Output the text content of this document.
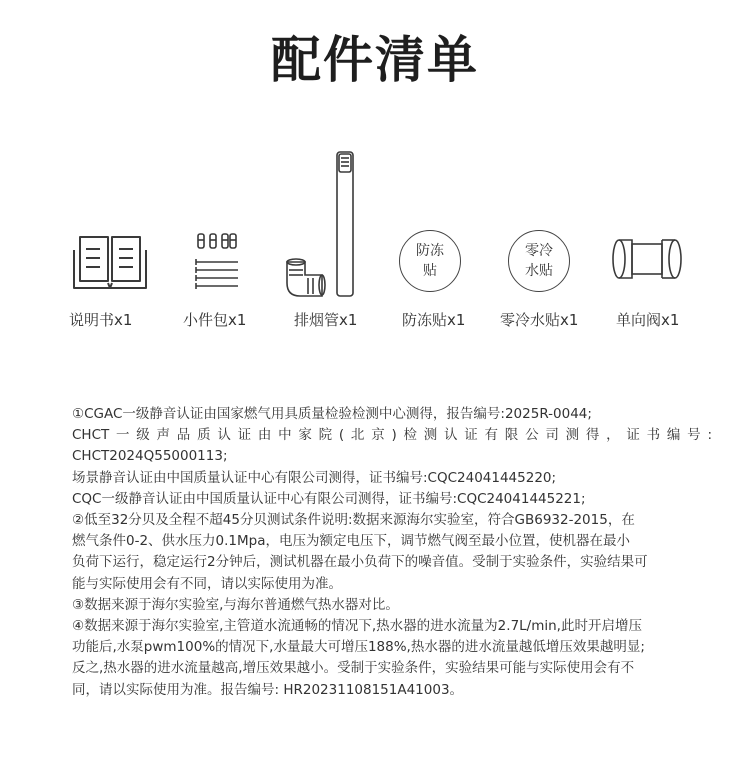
配件清单
说明书x1	小件包x1	排烟管x1
防冻
贴
防冻贴x1
零冷
水贴
零冷水贴x1	单向阀x1

①CGAC一级静音认证由国家燃气用具质量检验检测中心测得，报告编号:2025R-0044;

CHCT一级声品质认证由中家院(北京)检测认证有限公司测得，证书编号:

CHCT2024Q55000113;

场景静音认证由中国质量认证中心有限公司测得，证书编号:CQC24041445220;

CQC一级静音认证由中国质量认证中心有限公司测得，证书编号:CQC24041445221;

②低至32分贝及全程不超45分贝测试条件说明:数据来源海尔实验室，符合GB6932-2015，在

燃气条件0-2、供水压力0.1Mpa，电压为额定电压下，调节燃气阀至最小位置，使机器在最小

负荷下运行，稳定运行2分钟后，测试机器在最小负荷下的噪音值。受制于实验条件，实验结果可

能与实际使用会有不同，请以实际使用为准。

③数据来源于海尔实验室,与海尔普通燃气热水器对比。

④数据来源于海尔实验室,主管道水流通畅的情况下,热水器的进水流量为2.7L/min,此时开启增压

功能后,水泵pwm100%的情况下,水量最大可增压188%,热水器的进水流量越低增压效果越明显;

反之,热水器的进水流量越高,增压效果越小。受制于实验条件，实验结果可能与实际使用会有不

同，请以实际使用为准。报告编号: HR20231108151A41003。
